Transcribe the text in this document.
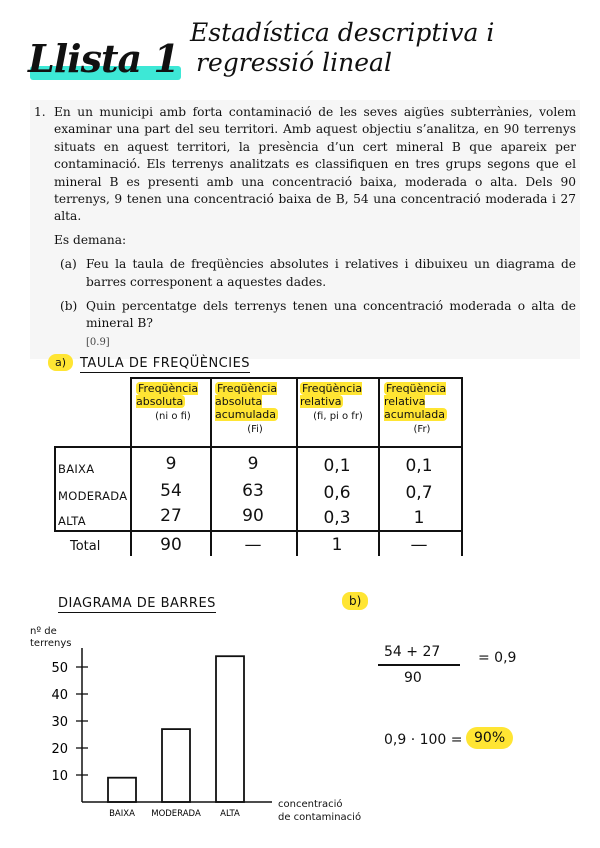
Llista 1
Estadística descriptiva i
regressió lineal
1. En un municipi amb forta contaminació de les seves aigües subterrànies, volem examinar una part del seu territori. Amb aquest objectiu s’analitza, en 90 terrenys situats en aquest territori, la presència d’un cert mineral B que apareix per contaminació. Els terrenys analitzats es classifiquen en tres grups segons que el mineral B es presenti amb una concentració baixa, moderada o alta. Dels 90 terrenys, 9 tenen una concentració baixa de B, 54 una concentració moderada i 27 alta.
Es demana:
(a) Feu la taula de freqüències absolutes i relatives i dibuixeu un diagrama de barres corresponent a aquestes dades.
(b) Quin percentatge dels terrenys tenen una concentració moderada o alta de mineral B?
[0.9]
a)	TAULA DE FREQÜÈNCIES
Freqüència absoluta
(ni o fi)
Freqüència absoluta acumulada
(Fi)
Freqüència relativa
(fi, pi o fr)
Freqüència relativa acumulada
(Fr)
BAIXA	9	9	0,1	0,1
MODERADA	54	63	0,6	0,7
ALTA	27	90	0,3	1
Total	90	—	1	—
DIAGRAMA DE BARRES
nº de
terrenys
concentració
de contaminació
10
20
30
40
50
BAIXA MODERADA ALTA
b)
54 + 27
90
= 0,9
0,9 · 100 = 90%
